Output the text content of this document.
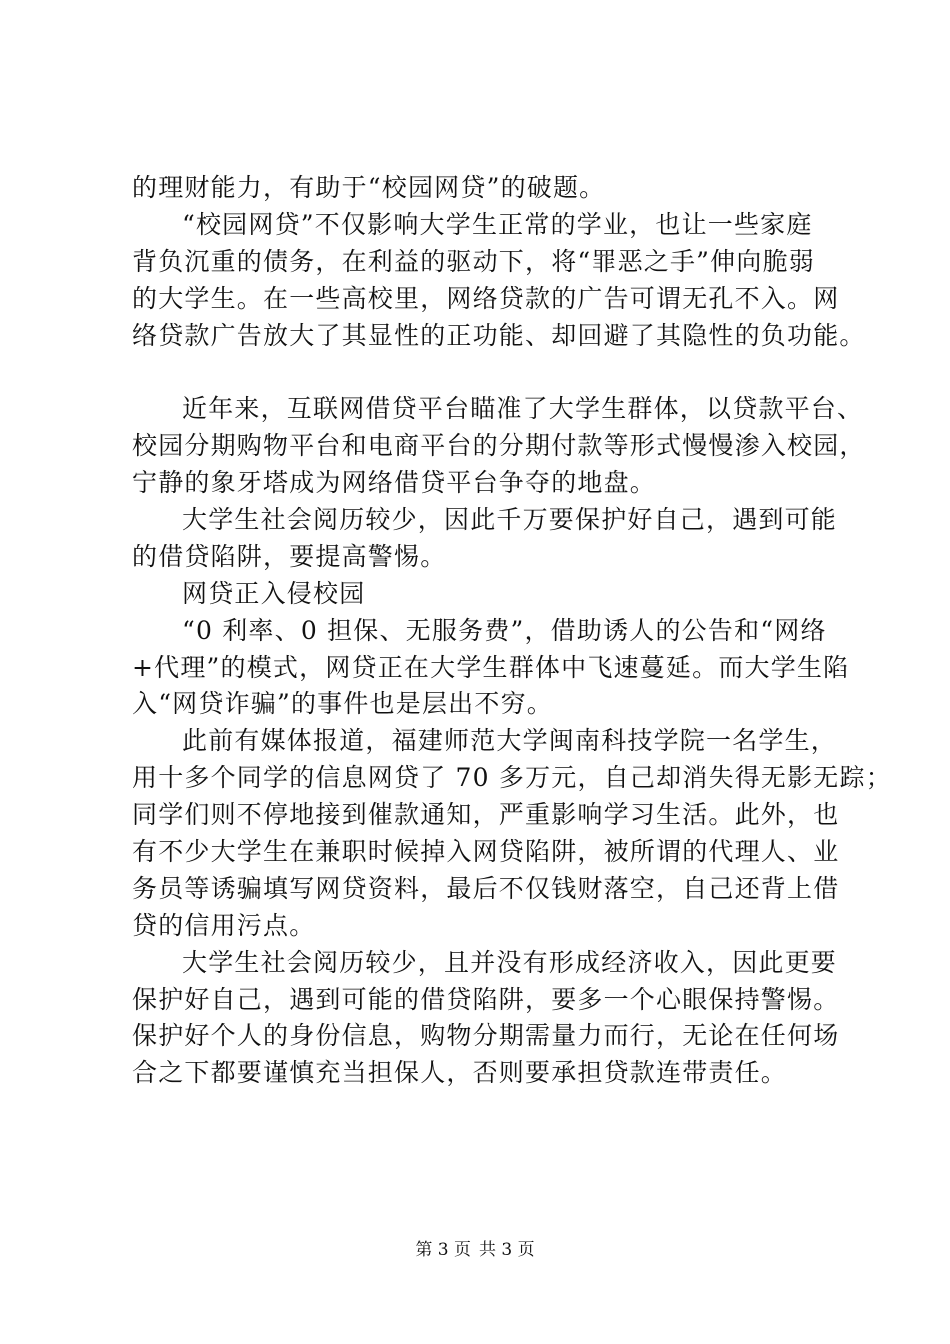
的理财能力，有助于“校园网贷”的破题。
“校园网贷”不仅影响大学生正常的学业，也让一些家庭
背负沉重的债务，在利益的驱动下，将“罪恶之手”伸向脆弱
的大学生。在一些高校里，网络贷款的广告可谓无孔不入。网
络贷款广告放大了其显性的正功能、却回避了其隐性的负功能。
近年来，互联网借贷平台瞄准了大学生群体，以贷款平台、
校园分期购物平台和电商平台的分期付款等形式慢慢渗入校园，
宁静的象牙塔成为网络借贷平台争夺的地盘。
大学生社会阅历较少，因此千万要保护好自己，遇到可能
的借贷陷阱，要提高警惕。
网贷正入侵校园
“0 利率、0 担保、无服务费”，借助诱人的公告和“网络
+代理”的模式，网贷正在大学生群体中飞速蔓延。而大学生陷
入“网贷诈骗”的事件也是层出不穷。
此前有媒体报道，福建师范大学闽南科技学院一名学生，
用十多个同学的信息网贷了 70 多万元，自己却消失得无影无踪；
同学们则不停地接到催款通知，严重影响学习生活。此外，也
有不少大学生在兼职时候掉入网贷陷阱，被所谓的代理人、业
务员等诱骗填写网贷资料，最后不仅钱财落空，自己还背上借
贷的信用污点。
大学生社会阅历较少，且并没有形成经济收入，因此更要
保护好自己，遇到可能的借贷陷阱，要多一个心眼保持警惕。
保护好个人的身份信息，购物分期需量力而行，无论在任何场
合之下都要谨慎充当担保人，否则要承担贷款连带责任。
第 3 页 共 3 页
